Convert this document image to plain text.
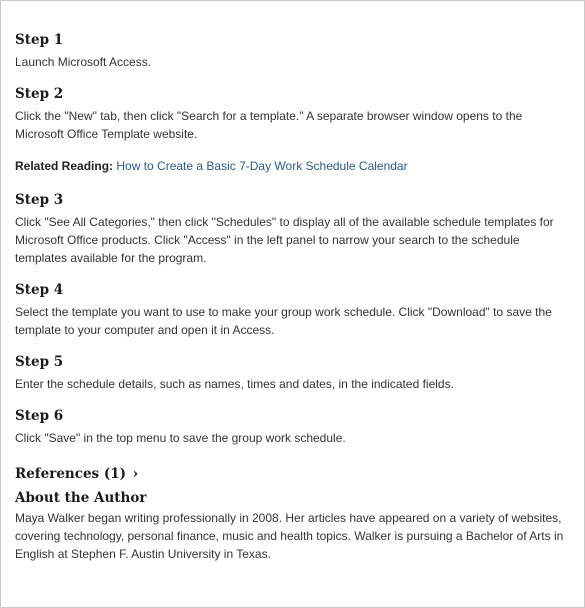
Step 1

Launch Microsoft Access.

Step 2

Click the "New" tab, then click "Search for a template." A separate browser window opens to the Microsoft Office Template website.

Related Reading: How to Create a Basic 7-Day Work Schedule Calendar

Step 3

Click "See All Categories," then click "Schedules" to display all of the available schedule templates for Microsoft Office products. Click "Access" in the left panel to narrow your search to the schedule templates available for the program.

Step 4

Select the template you want to use to make your group work schedule. Click "Download" to save the template to your computer and open it in Access.

Step 5

Enter the schedule details, such as names, times and dates, in the indicated fields.

Step 6

Click "Save" in the top menu to save the group work schedule.

References (1) ›
About the Author

Maya Walker began writing professionally in 2008. Her articles have appeared on a variety of websites, covering technology, personal finance, music and health topics. Walker is pursuing a Bachelor of Arts in English at Stephen F. Austin University in Texas.
